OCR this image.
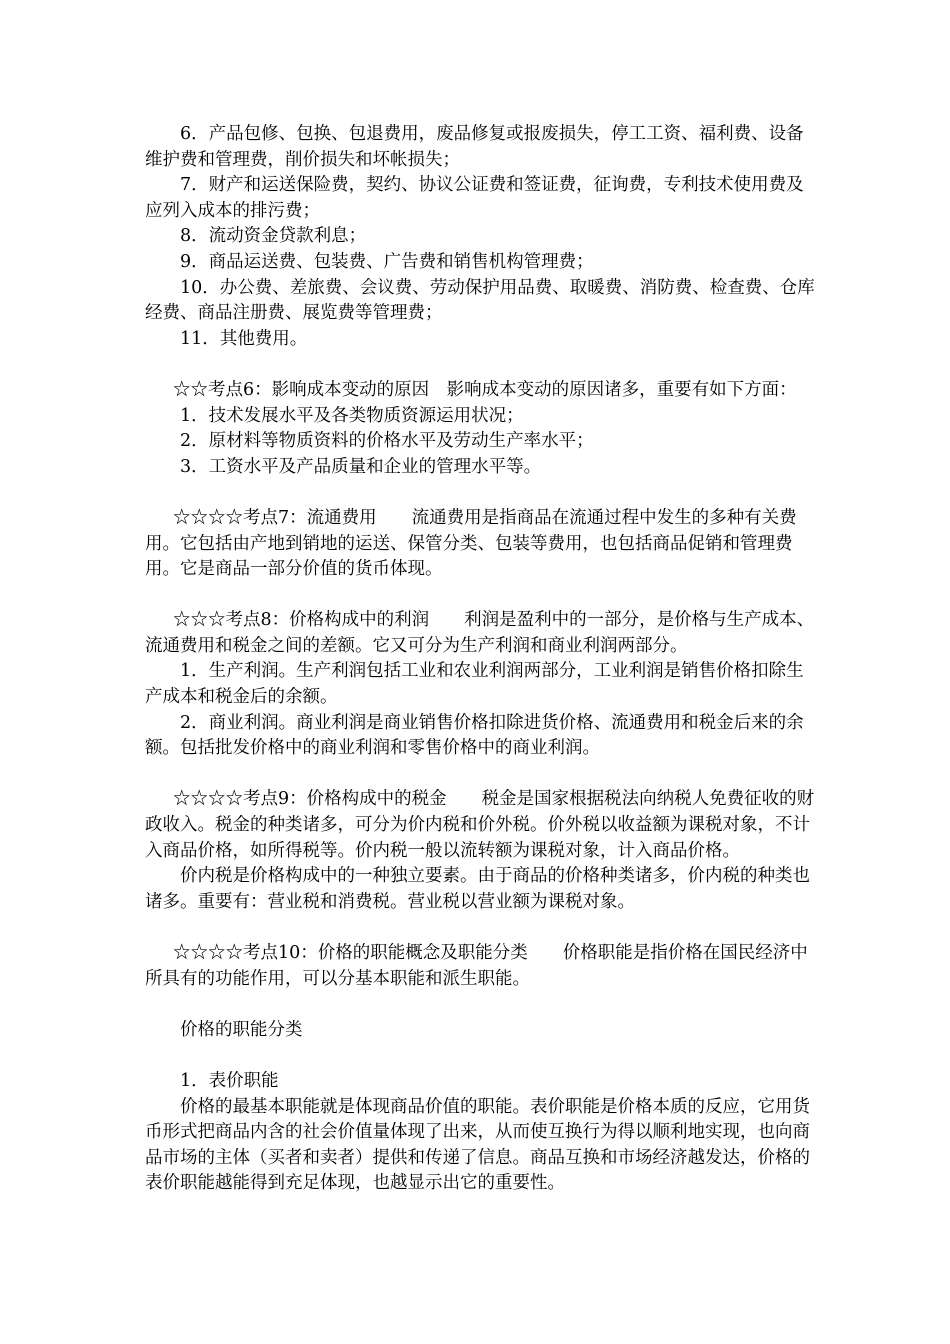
6．产品包修、包换、包退费用，废品修复或报废损失，停工工资、福利费、设备维护费和管理费，削价损失和坏帐损失；

7．财产和运送保险费，契约、协议公证费和签证费，征询费，专利技术使用费及应列入成本的排污费；

8．流动资金贷款利息；

9．商品运送费、包装费、广告费和销售机构管理费；

10．办公费、差旅费、会议费、劳动保护用品费、取暖费、消防费、检查费、仓库经费、商品注册费、展览费等管理费；

11．其他费用。

☆☆考点6：影响成本变动的原因　影响成本变动的原因诸多，重要有如下方面：

1．技术发展水平及各类物质资源运用状况；

2．原材料等物质资料的价格水平及劳动生产率水平；

3．工资水平及产品质量和企业的管理水平等。

☆☆☆☆考点7：流通费用　　流通费用是指商品在流通过程中发生的多种有关费用。它包括由产地到销地的运送、保管分类、包装等费用，也包括商品促销和管理费用。它是商品一部分价值的货币体现。

☆☆☆考点8：价格构成中的利润　　利润是盈利中的一部分，是价格与生产成本、流通费用和税金之间的差额。它又可分为生产利润和商业利润两部分。

1．生产利润。生产利润包括工业和农业利润两部分，工业利润是销售价格扣除生产成本和税金后的余额。

2．商业利润。商业利润是商业销售价格扣除进货价格、流通费用和税金后来的余额。包括批发价格中的商业利润和零售价格中的商业利润。

☆☆☆☆考点9：价格构成中的税金　　税金是国家根据税法向纳税人免费征收的财政收入。税金的种类诸多，可分为价内税和价外税。价外税以收益额为课税对象，不计入商品价格，如所得税等。价内税一般以流转额为课税对象，计入商品价格。

价内税是价格构成中的一种独立要素。由于商品的价格种类诸多，价内税的种类也诸多。重要有：营业税和消费税。营业税以营业额为课税对象。

☆☆☆☆考点10：价格的职能概念及职能分类　　价格职能是指价格在国民经济中所具有的功能作用，可以分基本职能和派生职能。

价格的职能分类

1．表价职能

价格的最基本职能就是体现商品价值的职能。表价职能是价格本质的反应，它用货币形式把商品内含的社会价值量体现了出来，从而使互换行为得以顺利地实现，也向商品市场的主体（买者和卖者）提供和传递了信息。商品互换和市场经济越发达，价格的表价职能越能得到充足体现，也越显示出它的重要性。
